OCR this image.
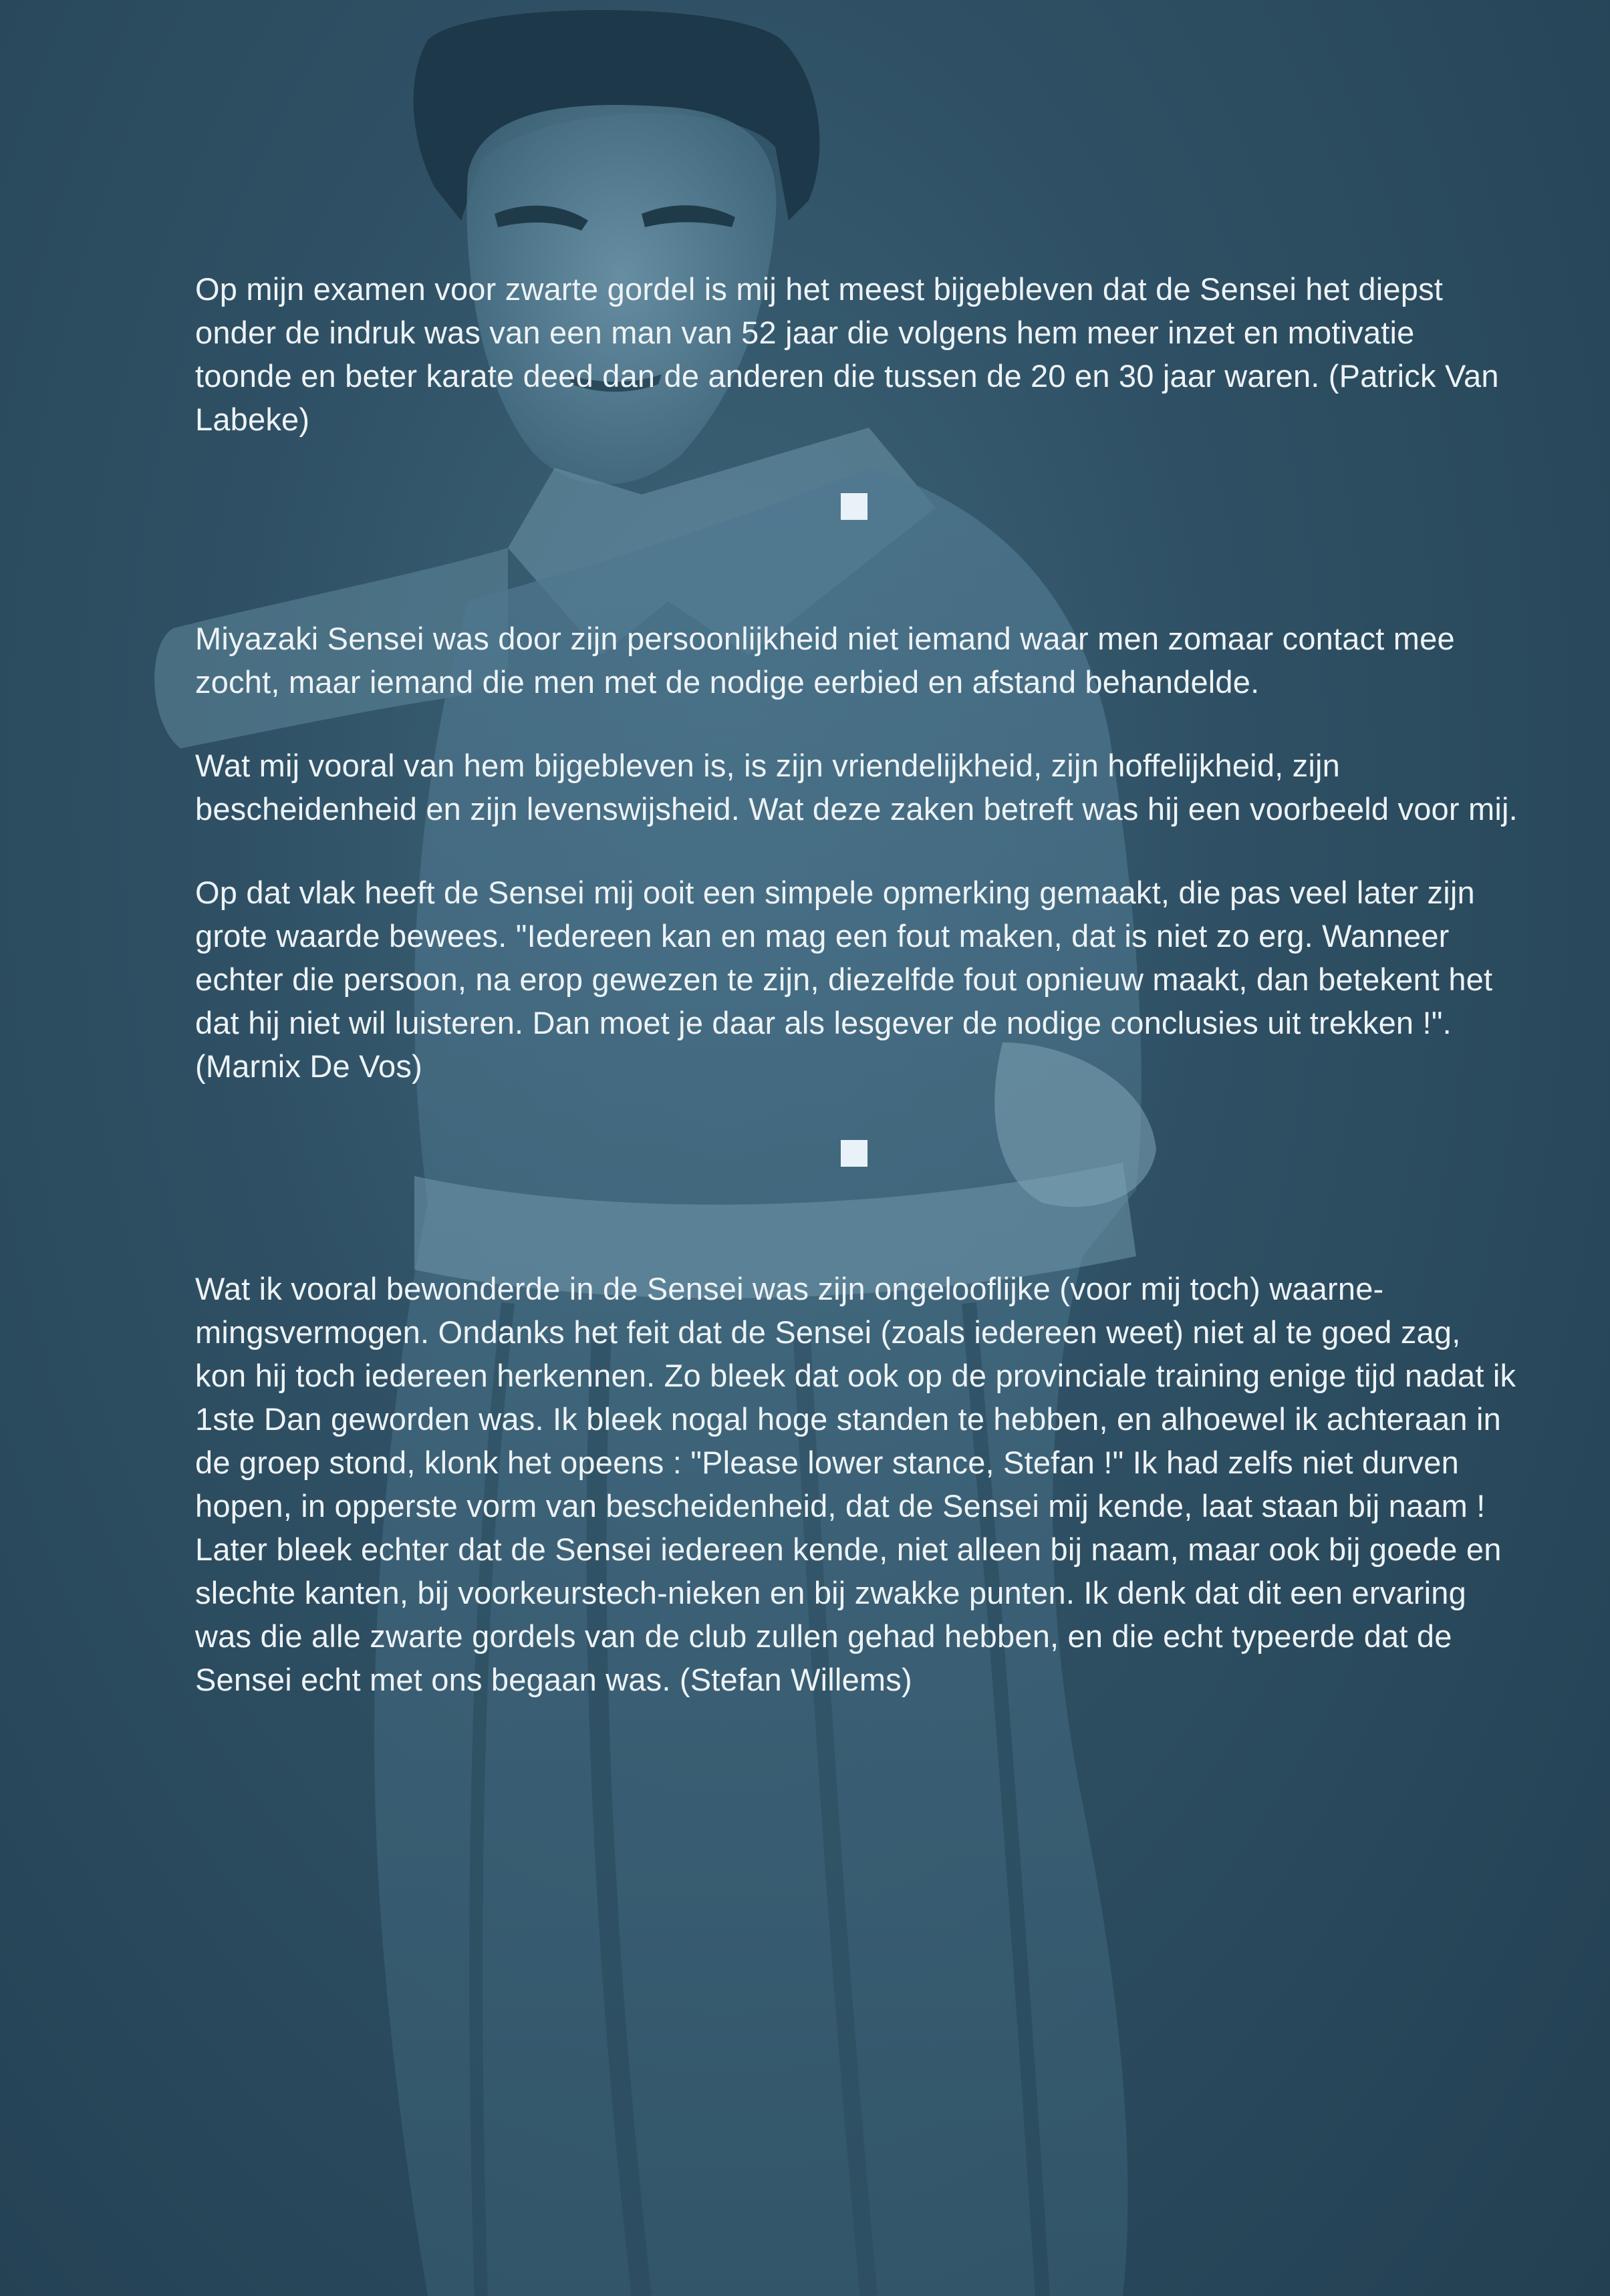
Op mijn examen voor zwarte gordel is mij het meest bijgebleven dat de Sensei het diepst onder de indruk was van een man van 52 jaar die volgens hem meer inzet en motivatie toonde en beter karate deed dan de anderen die tussen de 20 en 30 jaar waren. (Patrick Van Labeke)

Miyazaki Sensei was door zijn persoonlijkheid niet iemand waar men zomaar contact mee zocht, maar iemand die men met de nodige eerbied en afstand behandelde.

Wat mij vooral van hem bijgebleven is, is zijn vriendelijkheid, zijn hoffelijkheid, zijn bescheidenheid en zijn levenswijsheid. Wat deze zaken betreft was hij een voorbeeld voor mij.

Op dat vlak heeft de Sensei mij ooit een simpele opmerking gemaakt, die pas veel later zijn grote waarde bewees. "Iedereen kan en mag een fout maken, dat is niet zo erg. Wanneer echter die persoon, na erop gewezen te zijn, diezelfde fout opnieuw maakt, dan betekent het dat hij niet wil luisteren. Dan moet je daar als lesgever de nodige conclusies uit trekken !". (Marnix De Vos)

Wat ik vooral bewonderde in de Sensei was zijn ongelooflijke (voor mij toch) waarne-mingsvermogen. Ondanks het feit dat de Sensei (zoals iedereen weet) niet al te goed zag, kon hij toch iedereen herkennen. Zo bleek dat ook op de provinciale training enige tijd nadat ik 1ste Dan geworden was. Ik bleek nogal hoge standen te hebben, en alhoewel ik achteraan in de groep stond, klonk het opeens : "Please lower stance, Stefan !" Ik had zelfs niet durven hopen, in opperste vorm van bescheidenheid, dat de Sensei mij kende, laat staan bij naam ! Later bleek echter dat de Sensei iedereen kende, niet alleen bij naam, maar ook bij goede en slechte kanten, bij voorkeurstech-nieken en bij zwakke punten. Ik denk dat dit een ervaring was die alle zwarte gordels van de club zullen gehad hebben, en die echt typeerde dat de Sensei echt met ons begaan was. (Stefan Willems)
